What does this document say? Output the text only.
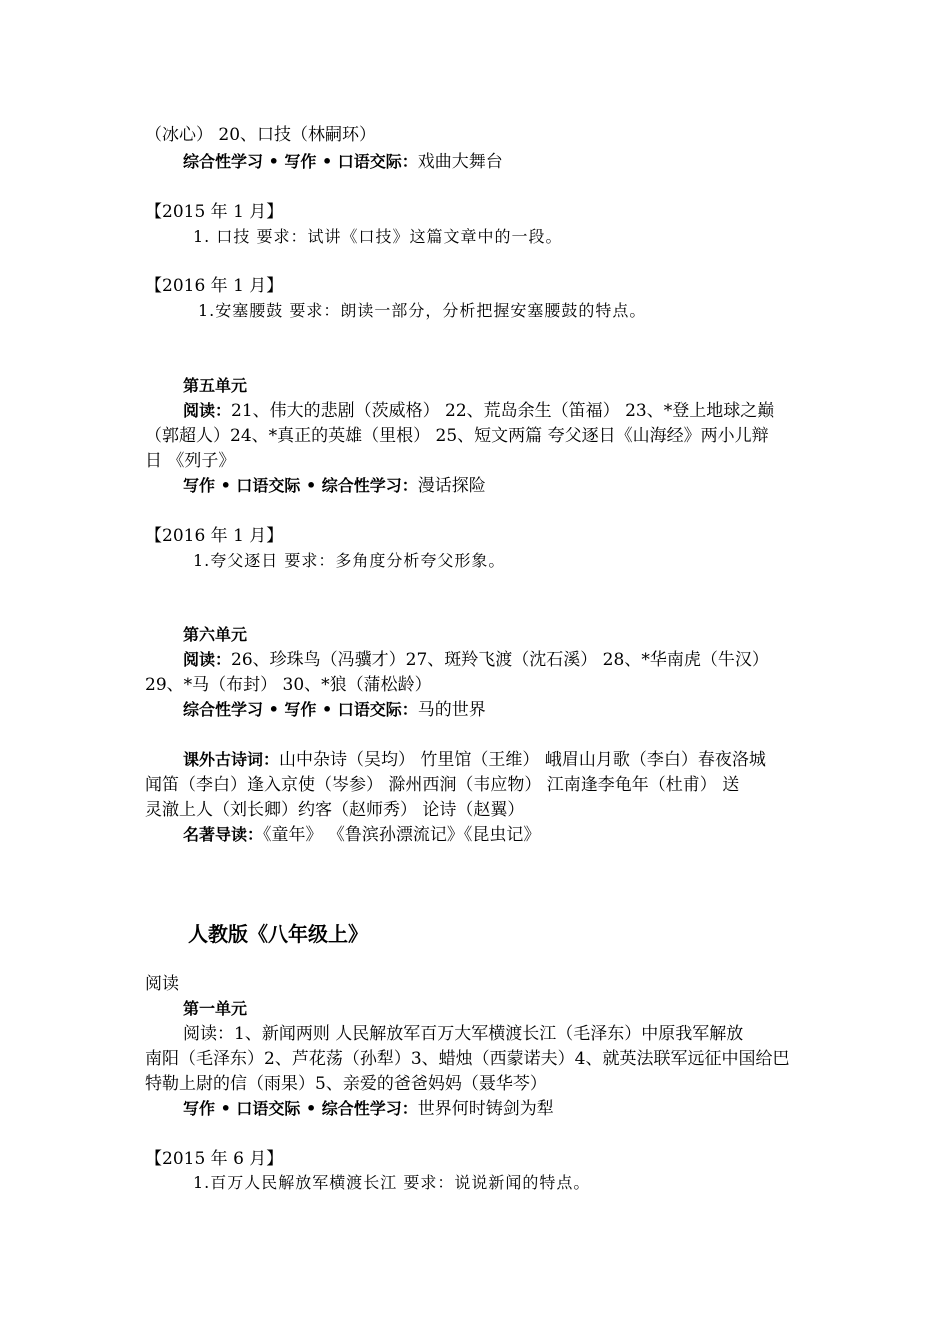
（冰心） 20、口技（林嗣环）
综合性学习 • 写作 • 口语交际：戏曲大舞台
【2015 年 1 月】
1. 口技 要求：试讲《口技》这篇文章中的一段。
【2016 年 1 月】
1.安塞腰鼓 要求：朗读一部分，分析把握安塞腰鼓的特点。
第五单元
阅读：21、伟大的悲剧（茨威格） 22、荒岛余生（笛福） 23、*登上地球之巅
（郭超人）24、*真正的英雄（里根） 25、短文两篇 夸父逐日《山海经》两小儿辩
日 《列子》
写作 • 口语交际 • 综合性学习：漫话探险
【2016 年 1 月】
1.夸父逐日 要求：多角度分析夸父形象。
第六单元
阅读：26、珍珠鸟（冯骥才）27、斑羚飞渡（沈石溪） 28、*华南虎（牛汉）
29、*马（布封） 30、*狼（蒲松龄）
综合性学习 • 写作 • 口语交际：马的世界
课外古诗词：山中杂诗（吴均） 竹里馆（王维） 峨眉山月歌（李白）春夜洛城
闻笛（李白）逢入京使（岑参） 滁州西涧（韦应物） 江南逢李龟年（杜甫） 送
灵澈上人（刘长卿）约客（赵师秀） 论诗（赵翼）
名著导读：《童年》 《鲁滨孙漂流记》《昆虫记》
人教版《八年级上》
阅读
第一单元
阅读：1、新闻两则 人民解放军百万大军横渡长江（毛泽东）中原我军解放
南阳（毛泽东）2、芦花荡（孙犁）3、蜡烛（西蒙诺夫）4、就英法联军远征中国给巴
特勒上尉的信（雨果）5、亲爱的爸爸妈妈（聂华芩）
写作 • 口语交际 • 综合性学习：世界何时铸剑为犁
【2015 年 6 月】
1.百万人民解放军横渡长江 要求：说说新闻的特点。
